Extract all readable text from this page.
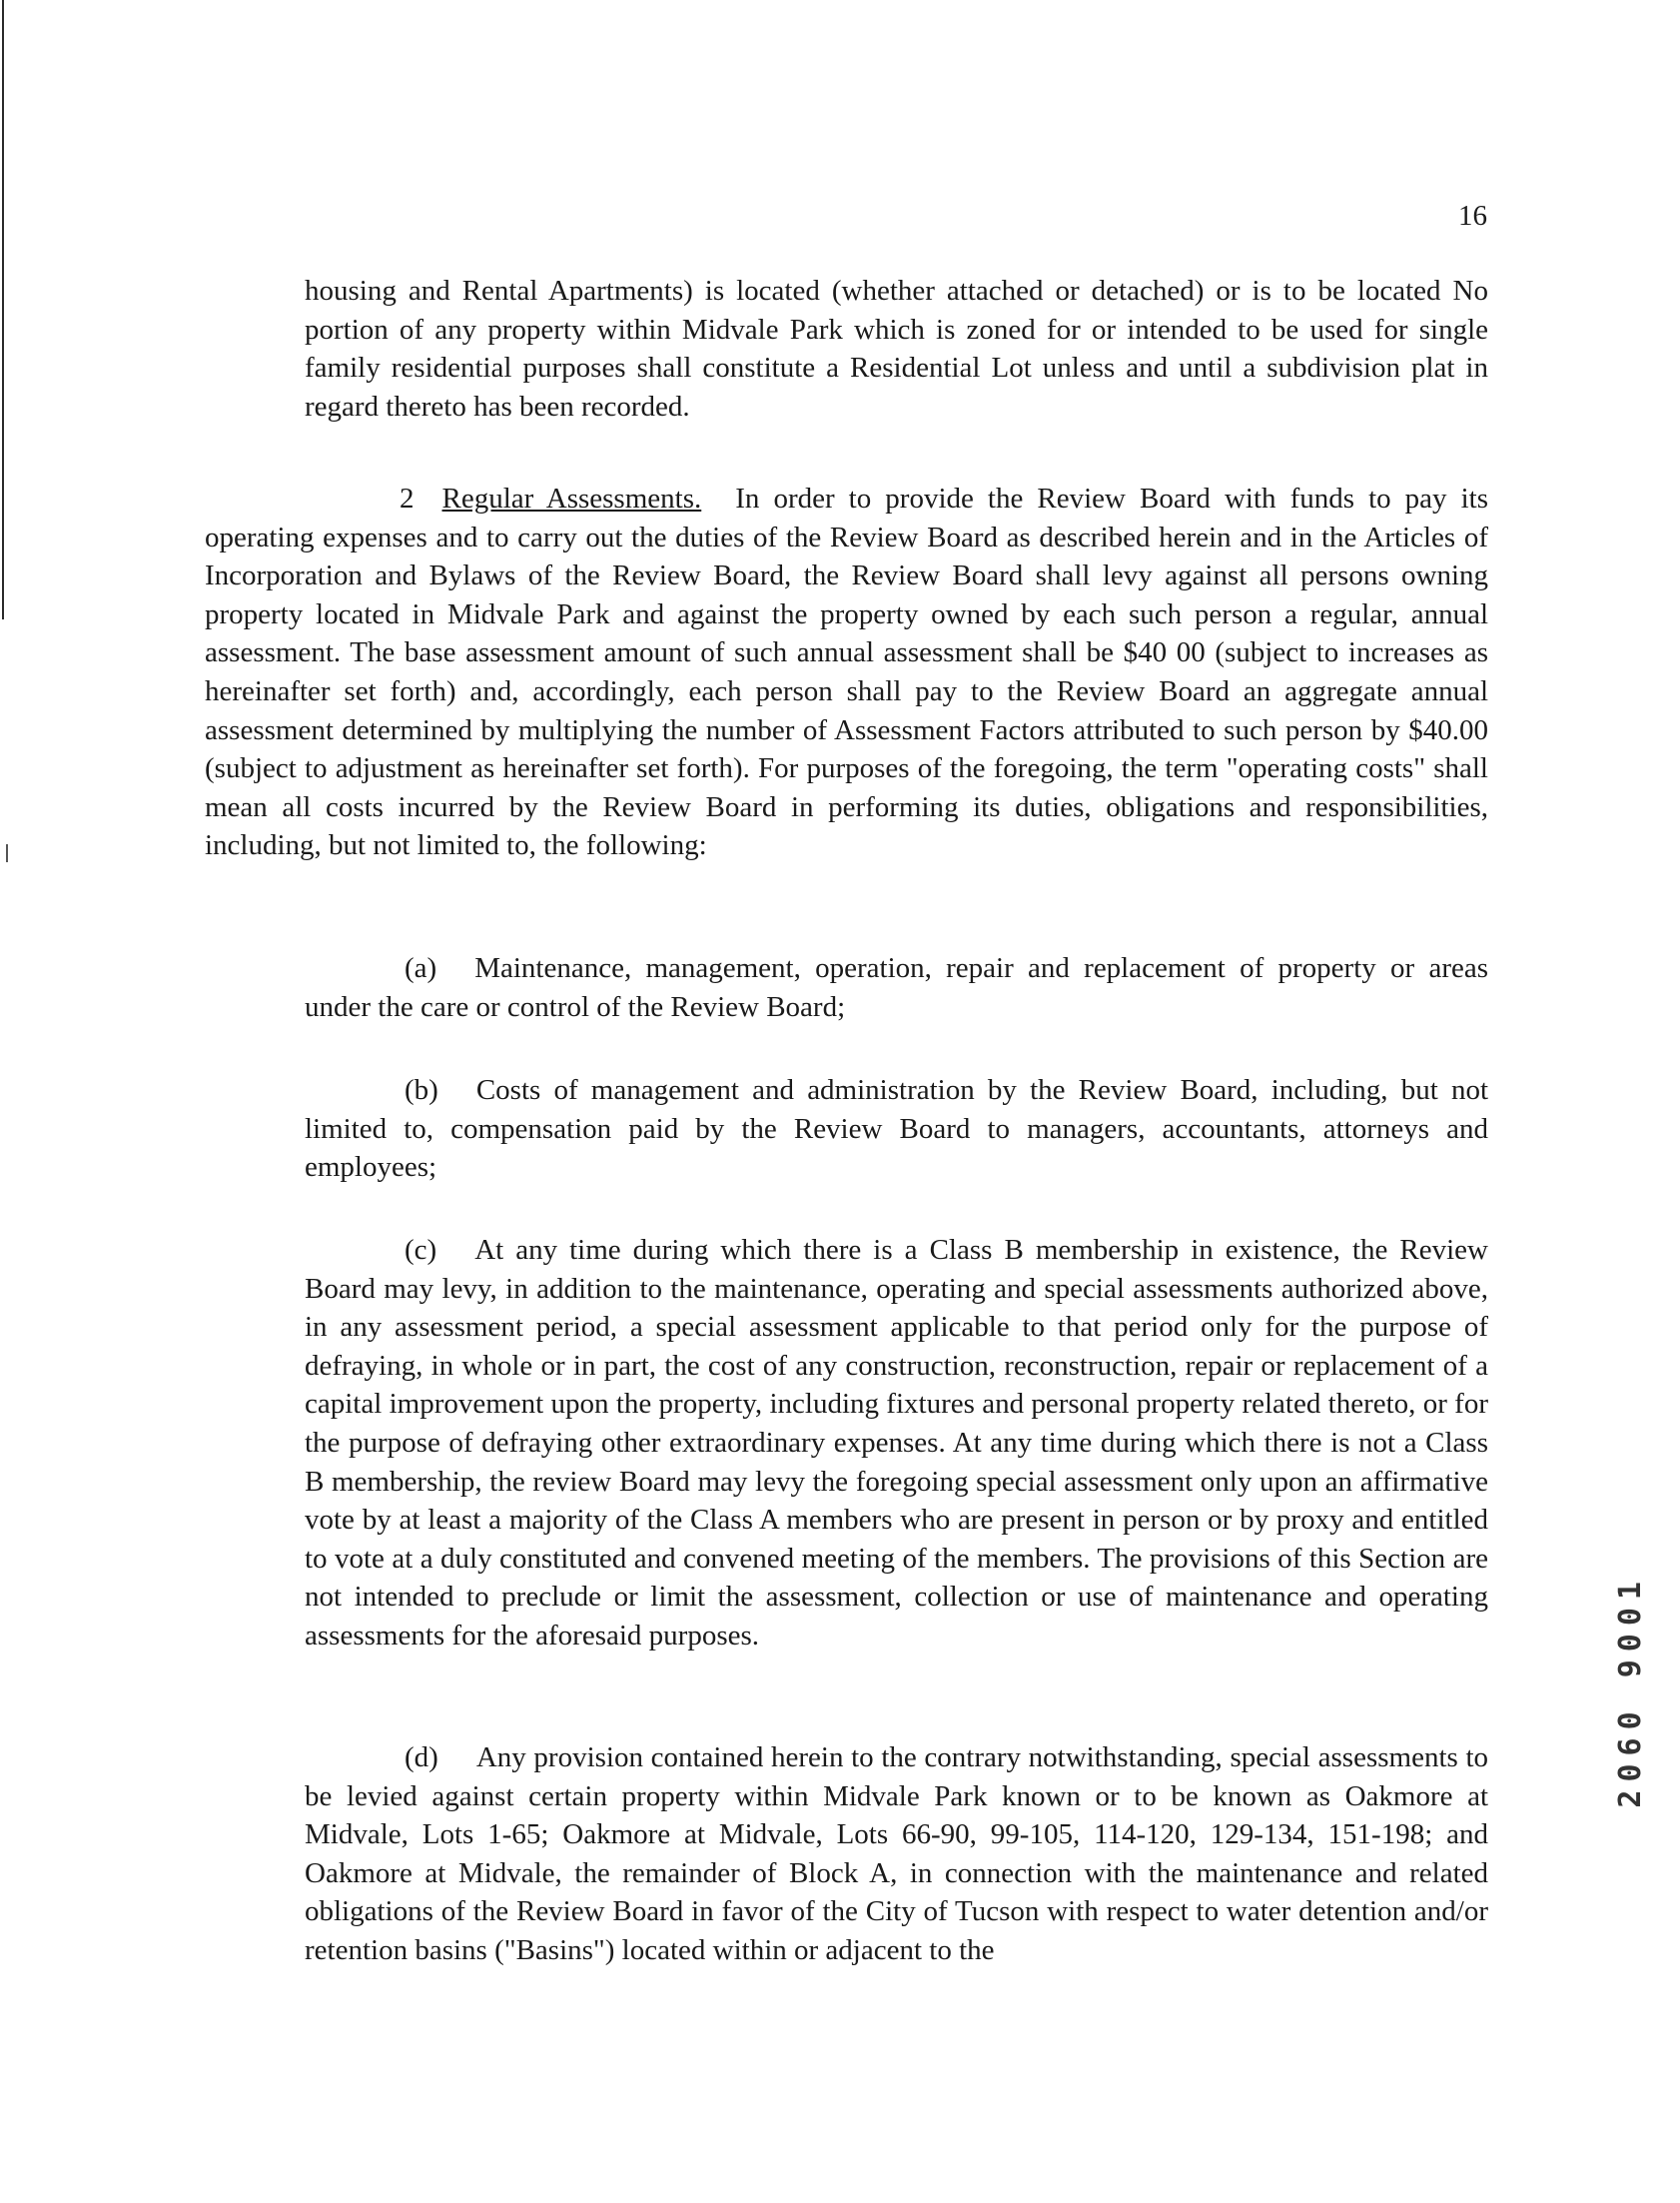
16

housing and Rental Apartments) is located (whether attached or detached) or is to be located No portion of any property within Midvale Park which is zoned for or intended to be used for single family residential purposes shall constitute a Residential Lot unless and until a subdivision plat in regard thereto has been recorded.

2 Regular Assessments. In order to provide the Review Board with funds to pay its operating expenses and to carry out the duties of the Review Board as described herein and in the Articles of Incorporation and Bylaws of the Review Board, the Review Board shall levy against all persons owning property located in Midvale Park and against the property owned by each such person a regular, annual assessment. The base assessment amount of such annual assessment shall be $40 00 (subject to increases as hereinafter set forth) and, accordingly, each person shall pay to the Review Board an aggregate annual assessment determined by multiplying the number of Assessment Factors attributed to such person by $40.00 (subject to adjustment as hereinafter set forth). For purposes of the foregoing, the term "operating costs" shall mean all costs incurred by the Review Board in performing its duties, obligations and responsibilities, including, but not limited to, the following:

(a) Maintenance, management, operation, repair and replacement of property or areas under the care or control of the Review Board;

(b) Costs of management and administration by the Review Board, including, but not limited to, compensation paid by the Review Board to managers, accountants, attorneys and employees;

(c) At any time during which there is a Class B membership in existence, the Review Board may levy, in addition to the maintenance, operating and special assessments authorized above, in any assessment period, a special assessment applicable to that period only for the purpose of defraying, in whole or in part, the cost of any construction, reconstruction, repair or replacement of a capital improvement upon the property, including fixtures and personal property related thereto, or for the purpose of defraying other extraordinary expenses. At any time during which there is not a Class B membership, the review Board may levy the foregoing special assessment only upon an affirmative vote by at least a majority of the Class A members who are present in person or by proxy and entitled to vote at a duly constituted and convened meeting of the members. The provisions of this Section are not intended to preclude or limit the assessment, collection or use of maintenance and operating assessments for the aforesaid purposes.

(d) Any provision contained herein to the contrary notwithstanding, special assessments to be levied against certain property within Midvale Park known or to be known as Oakmore at Midvale, Lots 1-65; Oakmore at Midvale, Lots 66-90, 99-105, 114-120, 129-134, 151-198; and Oakmore at Midvale, the remainder of Block A, in connection with the maintenance and related obligations of the Review Board in favor of the City of Tucson with respect to water detention and/or retention basins ("Basins") located within or adjacent to the

2060 9001
